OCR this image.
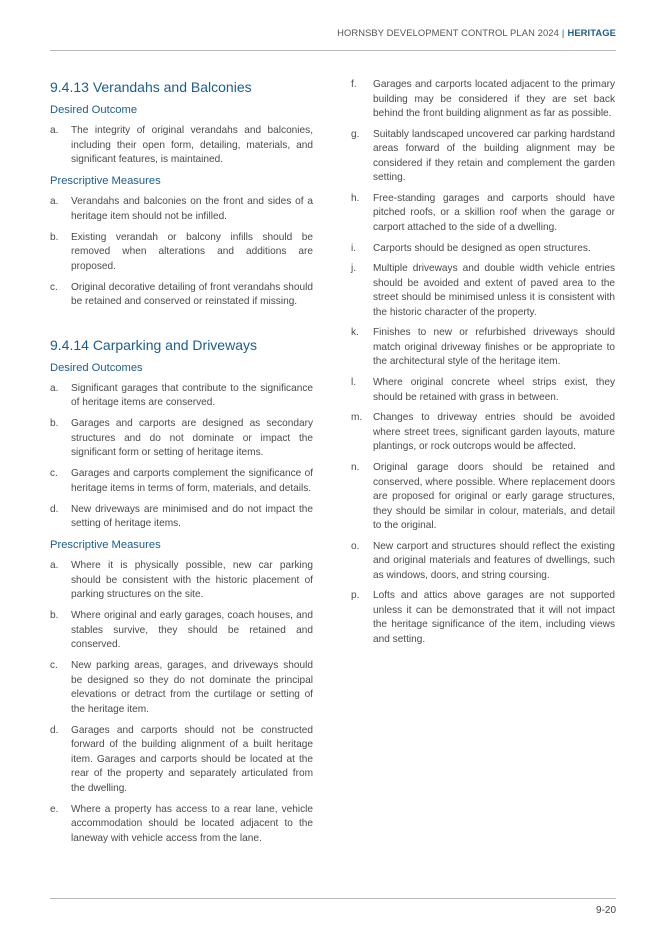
HORNSBY DEVELOPMENT CONTROL PLAN 2024 | HERITAGE
9.4.13 Verandahs and Balconies
Desired Outcome
a. The integrity of original verandahs and balconies, including their open form, detailing, materials, and significant features, is maintained.
Prescriptive Measures
a. Verandahs and balconies on the front and sides of a heritage item should not be infilled.
b. Existing verandah or balcony infills should be removed when alterations and additions are proposed.
c. Original decorative detailing of front verandahs should be retained and conserved or reinstated if missing.
9.4.14 Carparking and Driveways
Desired Outcomes
a. Significant garages that contribute to the significance of heritage items are conserved.
b. Garages and carports are designed as secondary structures and do not dominate or impact the significant form or setting of heritage items.
c. Garages and carports complement the significance of heritage items in terms of form, materials, and details.
d. New driveways are minimised and do not impact the setting of heritage items.
Prescriptive Measures
a. Where it is physically possible, new car parking should be consistent with the historic placement of parking structures on the site.
b. Where original and early garages, coach houses, and stables survive, they should be retained and conserved.
c. New parking areas, garages, and driveways should be designed so they do not dominate the principal elevations or detract from the curtilage or setting of the heritage item.
d. Garages and carports should not be constructed forward of the building alignment of a built heritage item. Garages and carports should be located at the rear of the property and separately articulated from the dwelling.
e. Where a property has access to a rear lane, vehicle accommodation should be located adjacent to the laneway with vehicle access from the lane.
f. Garages and carports located adjacent to the primary building may be considered if they are set back behind the front building alignment as far as possible.
g. Suitably landscaped uncovered car parking hardstand areas forward of the building alignment may be considered if they retain and complement the garden setting.
h. Free-standing garages and carports should have pitched roofs, or a skillion roof when the garage or carport attached to the side of a dwelling.
i. Carports should be designed as open structures.
j. Multiple driveways and double width vehicle entries should be avoided and extent of paved area to the street should be minimised unless it is consistent with the historic character of the property.
k. Finishes to new or refurbished driveways should match original driveway finishes or be appropriate to the architectural style of the heritage item.
l. Where original concrete wheel strips exist, they should be retained with grass in between.
m. Changes to driveway entries should be avoided where street trees, significant garden layouts, mature plantings, or rock outcrops would be affected.
n. Original garage doors should be retained and conserved, where possible. Where replacement doors are proposed for original or early garage structures, they should be similar in colour, materials, and detail to the original.
o. New carport and structures should reflect the existing and original materials and features of dwellings, such as windows, doors, and string coursing.
p. Lofts and attics above garages are not supported unless it can be demonstrated that it will not impact the heritage significance of the item, including views and setting.
9-20
